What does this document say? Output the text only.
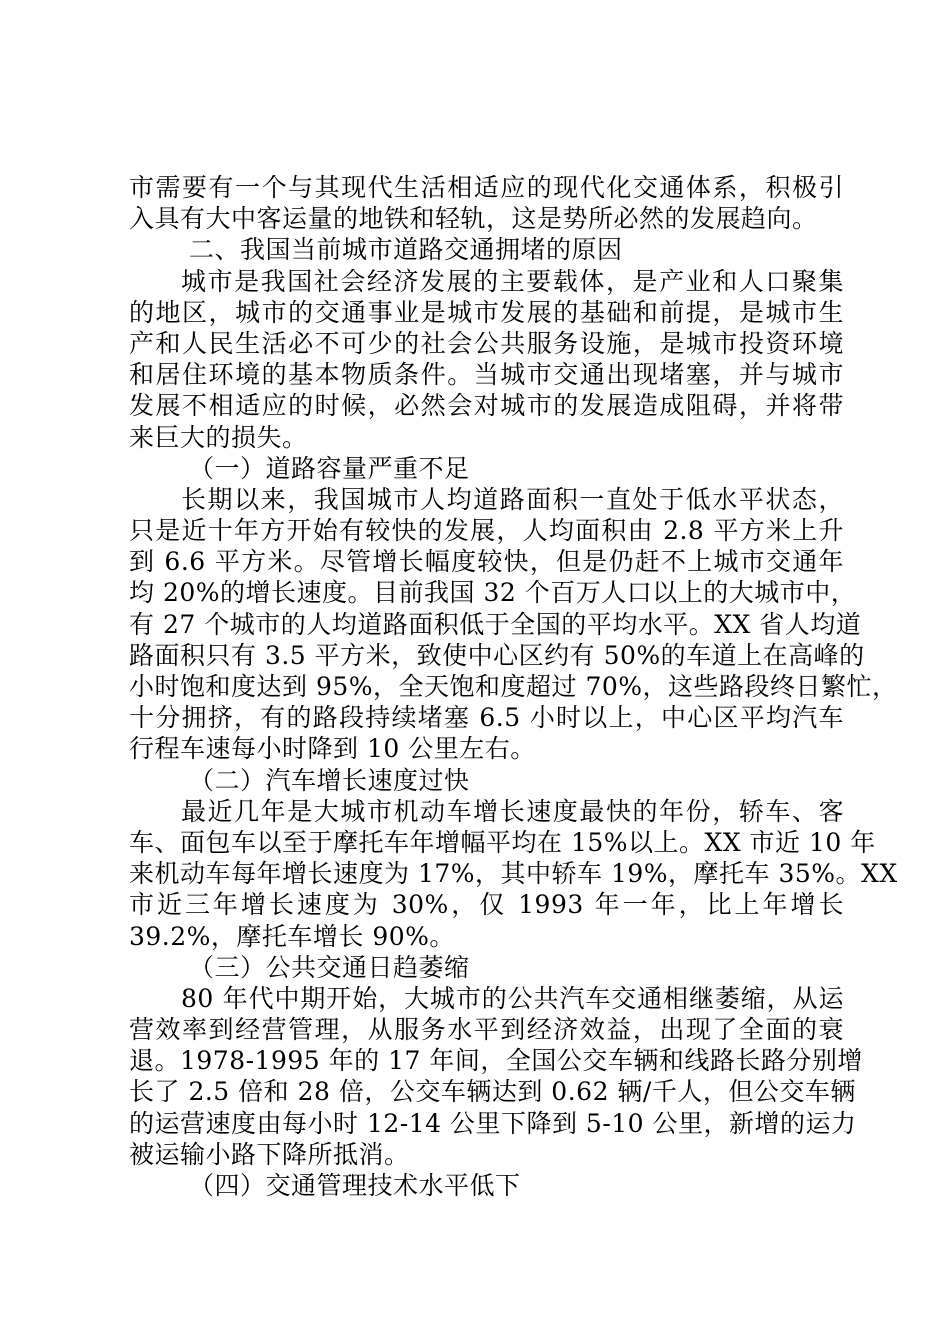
市需要有一个与其现代生活相适应的现代化交通体系，积极引
入具有大中客运量的地铁和轻轨，这是势所必然的发展趋向。
二、我国当前城市道路交通拥堵的原因
城市是我国社会经济发展的主要载体，是产业和人口聚集
的地区，城市的交通事业是城市发展的基础和前提，是城市生
产和人民生活必不可少的社会公共服务设施，是城市投资环境
和居住环境的基本物质条件。当城市交通出现堵塞，并与城市
发展不相适应的时候，必然会对城市的发展造成阻碍，并将带
来巨大的损失。
（一）道路容量严重不足
长期以来，我国城市人均道路面积一直处于低水平状态，
只是近十年方开始有较快的发展，人均面积由 2.8 平方米上升
到 6.6 平方米。尽管增长幅度较快，但是仍赶不上城市交通年
均 20%的增长速度。目前我国 32 个百万人口以上的大城市中，
有 27 个城市的人均道路面积低于全国的平均水平。XX 省人均道
路面积只有 3.5 平方米，致使中心区约有 50%的车道上在高峰的
小时饱和度达到 95%，全天饱和度超过 70%，这些路段终日繁忙，
十分拥挤，有的路段持续堵塞 6.5 小时以上，中心区平均汽车
行程车速每小时降到 10 公里左右。
（二）汽车增长速度过快
最近几年是大城市机动车增长速度最快的年份，轿车、客
车、面包车以至于摩托车年增幅平均在 15%以上。XX 市近 10 年
来机动车每年增长速度为 17%，其中轿车 19%，摩托车 35%。XX
市近三年增长速度为 30%，仅 1993 年一年，比上年增长
39.2%，摩托车增长 90%。
（三）公共交通日趋萎缩
80 年代中期开始，大城市的公共汽车交通相继萎缩，从运
营效率到经营管理，从服务水平到经济效益，出现了全面的衰
退。1978-1995 年的 17 年间，全国公交车辆和线路长路分别增
长了 2.5 倍和 28 倍，公交车辆达到 0.62 辆/千人，但公交车辆
的运营速度由每小时 12-14 公里下降到 5-10 公里，新增的运力
被运输小路下降所抵消。
（四）交通管理技术水平低下
